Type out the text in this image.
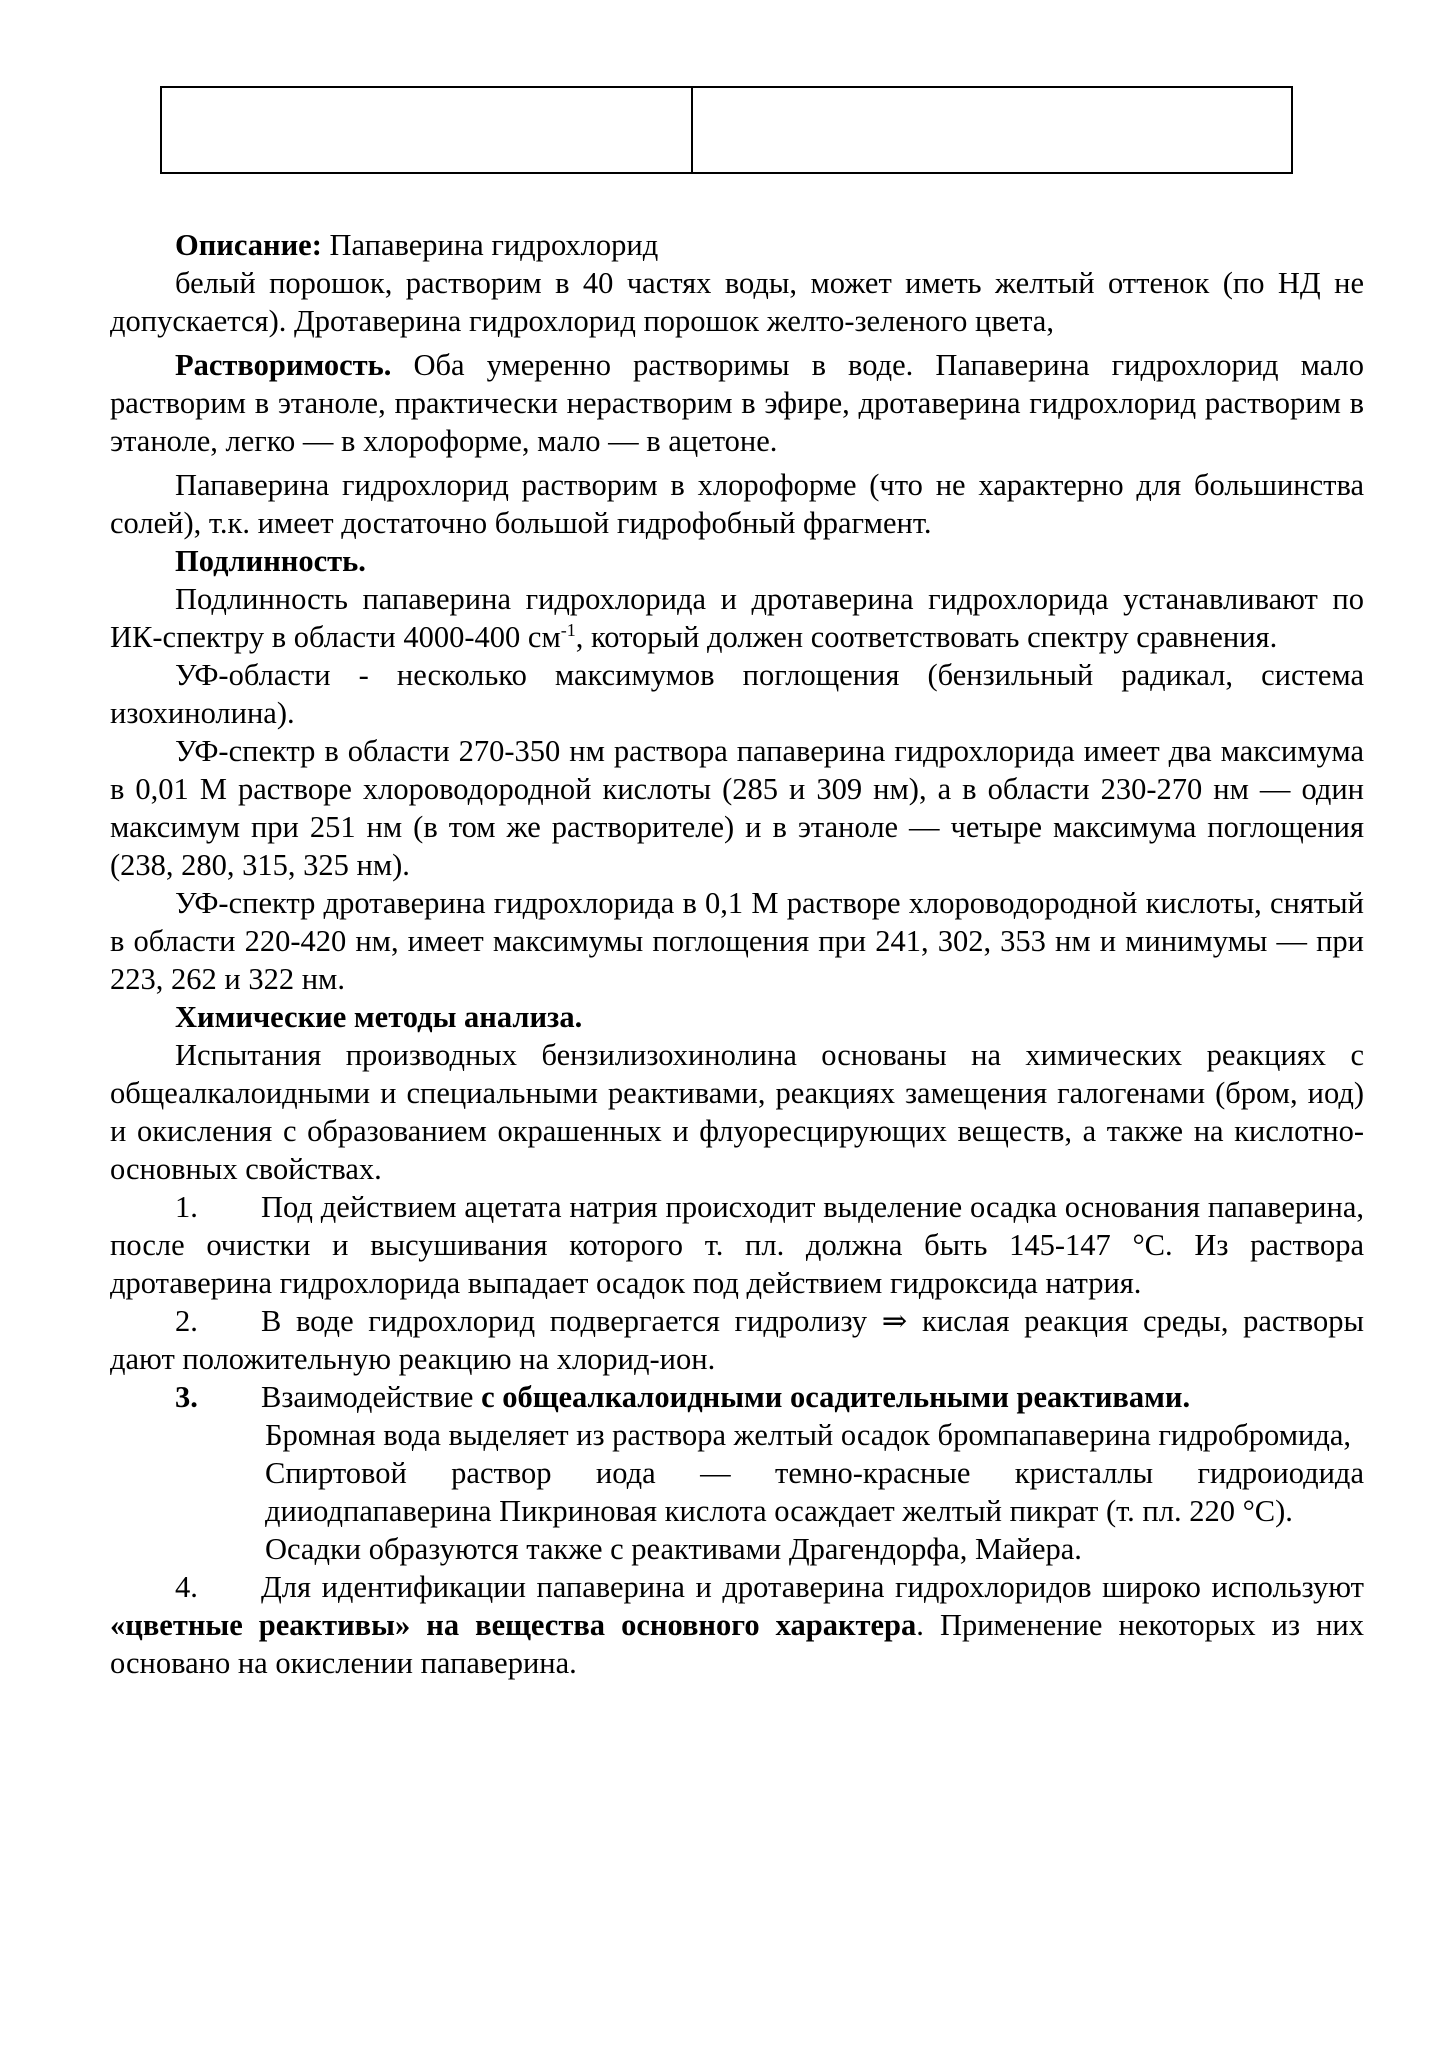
Описание: Папаверина гидрохлорид

белый порошок, растворим в 40 частях воды, может иметь желтый оттенок (по НД не допускается). Дротаверина гидрохлорид порошок желто-зеленого цвета,

Растворимость. Оба умеренно растворимы в воде. Папаверина гидрохлорид мало растворим в этаноле, практически нерастворим в эфире, дротаверина гидрохлорид растворим в этаноле, легко — в хлороформе, мало — в ацетоне.

Папаверина гидрохлорид растворим в хлороформе (что не характерно для большинства солей), т.к. имеет достаточно большой гидрофобный фрагмент.

Подлинность.

Подлинность папаверина гидрохлорида и дротаверина гидрохлорида устанавливают по ИК-спектру в области 4000-400 $см^{-1}$, который должен соответствовать спектру сравнения.

УФ-области - несколько максимумов поглощения (бензильный радикал, система изохинолина).

УФ-спектр в области 270-350 нм раствора папаверина гидрохлорида имеет два максимума в 0,01 М растворе хлороводородной кислоты (285 и 309 нм), а в области 230-270 нм — один максимум при 251 нм (в том же растворителе) и в этаноле — четыре максимума поглощения (238, 280, 315, 325 нм).

УФ-спектр дротаверина гидрохлорида в 0,1 М растворе хлороводородной кислоты, снятый в области 220-420 нм, имеет максимумы поглощения при 241, 302, 353 нм и минимумы — при 223, 262 и 322 нм.

Химические методы анализа.

Испытания производных бензилизохинолина основаны на химических реакциях с общеалкалоидными и специальными реактивами, реакциях замещения галогенами (бром, иод) и окисления с образованием окрашенных и флуоресцирующих веществ, а также на кислотно-основных свойствах.

1. Под действием ацетата натрия происходит выделение осадка основания папаверина, после очистки и высушивания которого т. пл. должна быть 145-147 °С. Из раствора дротаверина гидрохлорида выпадает осадок под действием гидроксида натрия.

2. В воде гидрохлорид подвергается гидролизу ⇒ кислая реакция среды, растворы дают положительную реакцию на хлорид-ион.

3. Взаимодействие с общеалкалоидными осадительными реактивами.

Бромная вода выделяет из раствора желтый осадок бромпапаверина гидробромида,

Спиртовой раствор иода — темно-красные кристаллы гидроиодида дииодпапаверина Пикриновая кислота осаждает желтый пикрат (т. пл. 220 °С).

Осадки образуются также с реактивами Драгендорфа, Майера.

4. Для идентификации папаверина и дротаверина гидрохлоридов широко используют «цветные реактивы» на вещества основного характера. Применение некоторых из них основано на окислении папаверина.
